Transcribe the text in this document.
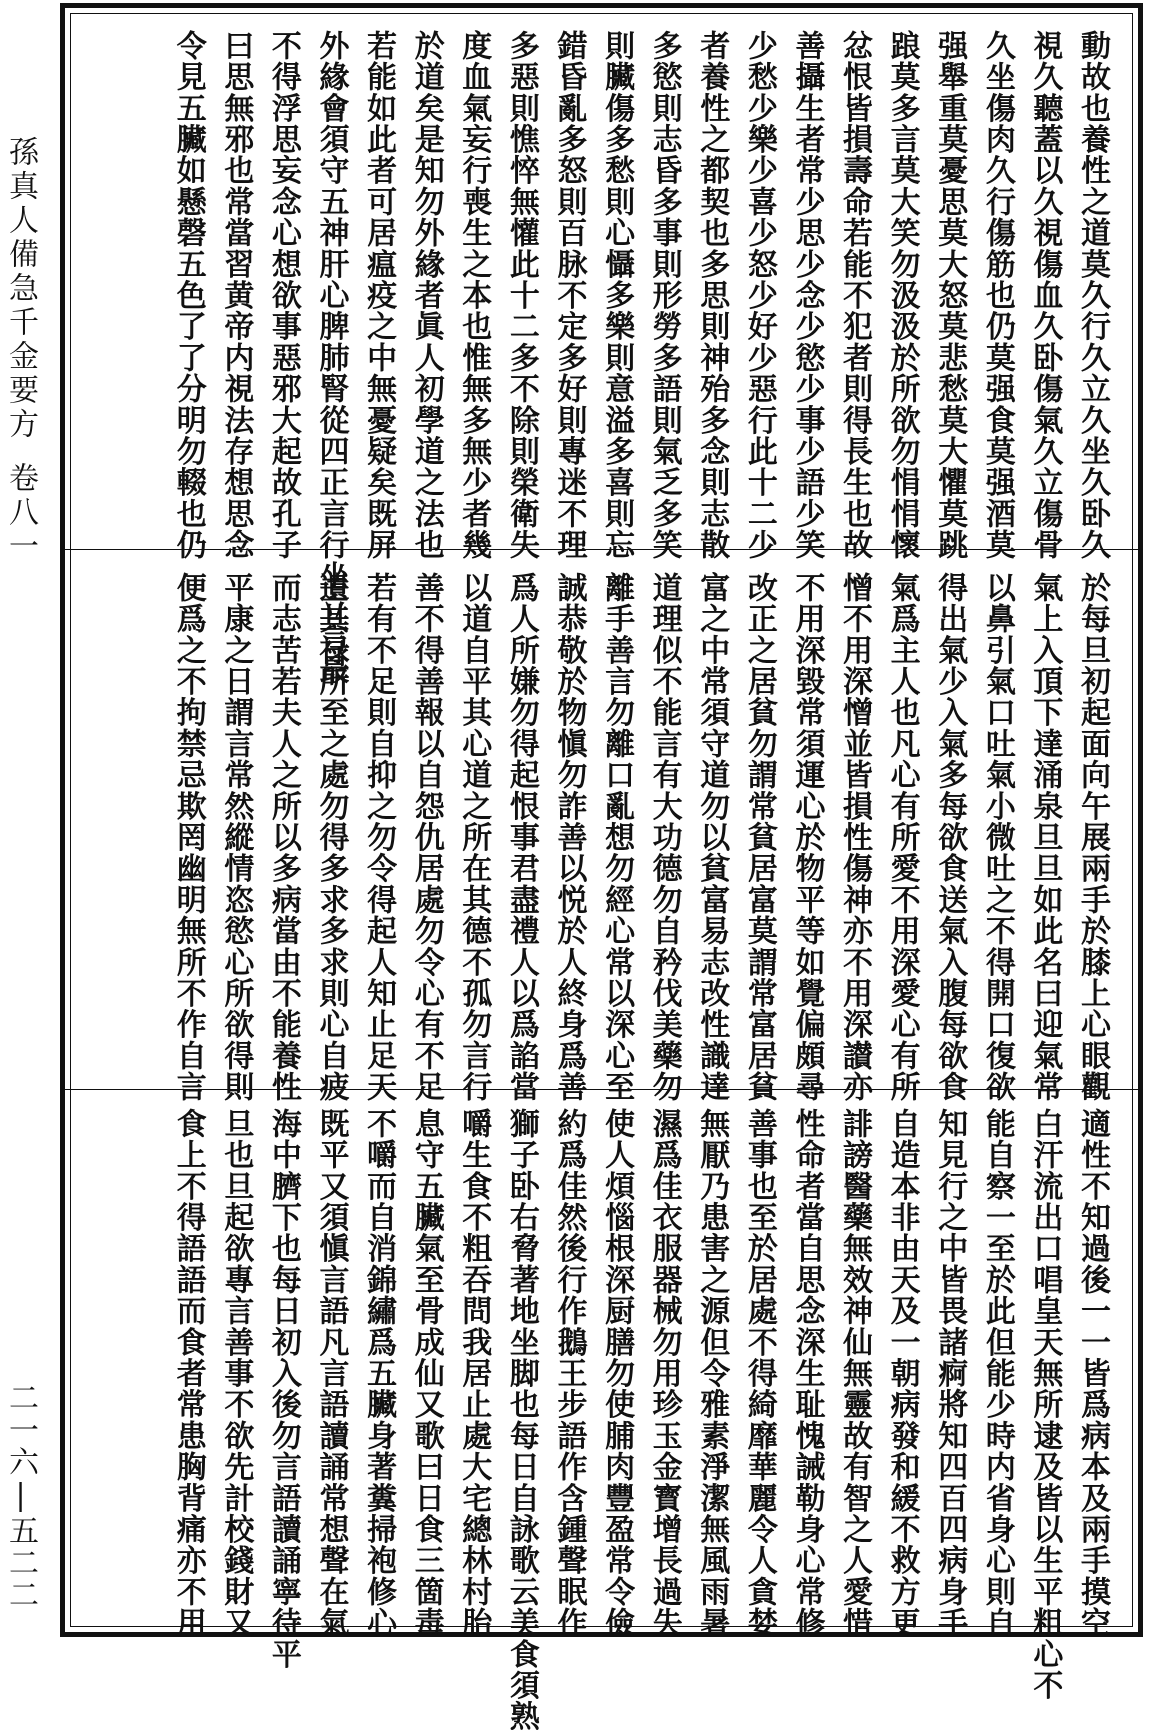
孫真人備急千金要方
卷八一
二一六|五二二
動故也養性之道莫久行久立久坐久卧久
視久聽蓋以久視傷血久卧傷氣久立傷骨
久坐傷肉久行傷筋也仍莫强食莫强酒莫
强舉重莫憂思莫大怒莫悲愁莫大懼莫跳
踉莫多言莫大笑勿汲汲於所欲勿悁悁懷
忿恨皆損壽命若能不犯者則得長生也故
善攝生者常少思少念少慾少事少語少笑
少愁少樂少喜少怒少好少惡行此十二少
者養性之都契也多思則神殆多念則志散
多慾則志昏多事則形勞多語則氣乏多笑
則臟傷多愁則心懾多樂則意溢多喜則忘
錯昏亂多怒則百脉不定多好則專迷不理
多惡則憔悴無懽此十二多不除則榮衛失
度血氣妄行喪生之本也惟無多無少者幾
於道矣是知勿外緣者眞人初學道之法也
若能如此者可居瘟疫之中無憂疑矣既屏
外緣會須守五神肝心脾肺腎從四正言行坐立言最
不得浮思妄念心想欲事惡邪大起故孔子
曰思無邪也常當習黄帝内視法存想思念
令見五臟如懸磬五色了了分明勿輟也仍
於每旦初起面向午展兩手於膝上心眼觀
氣上入頂下達涌泉旦旦如此名曰迎氣常
以鼻引氣口吐氣小微吐之不得開口復欲
得出氣少入氣多每欲食送氣入腹每欲食
氣爲主人也凡心有所愛不用深愛心有所
憎不用深憎並皆損性傷神亦不用深讃亦
不用深毀常須運心於物平等如覺偏頗尋
改正之居貧勿謂常貧居富莫謂常富居貧
富之中常須守道勿以貧富易志改性識達
道理似不能言有大功德勿自矜伐美藥勿
離手善言勿離口亂想勿經心常以深心至
誠恭敬於物愼勿詐善以悦於人終身爲善
爲人所嫌勿得起恨事君盡禮人以爲諂當
以道自平其心道之所在其德不孤勿言行
善不得善報以自怨仇居處勿令心有不足
若有不足則自抑之勿令得起人知止足天
遺其禄所至之處勿得多求多求則心自疲
而志苦若夫人之所以多病當由不能養性
平康之日謂言常然縱情恣慾心所欲得則
便爲之不拘禁忌欺罔幽明無所不作自言
適性不知過後一一皆爲病本及兩手摸空
白汗流出口唱皇天無所逮及皆以生平粗心不
能自察一至於此但能少時内省身心則自
知見行之中皆畏諸痾將知四百四病身手
自造本非由天及一朝病發和緩不救方更
誹謗醫藥無效神仙無靈故有智之人愛惜
性命者當自思念深生耻愧誡勒身心常修
善事也至於居處不得綺靡華麗令人貪婪
無厭乃患害之源但令雅素淨潔無風雨暑
濕爲佳衣服器械勿用珍玉金寳增長過失
使人煩惱根深厨膳勿使脯肉豐盈常令儉
約爲佳然後行作鵝王步語作含鍾聲眠作
獅子卧右脅著地坐脚也每日自詠歌云美食須熟
嚼生食不粗吞問我居止處大宅總林村胎
息守五臟氣至骨成仙又歌曰日食三箇毒
不嚼而自消錦繡爲五臟身著糞掃袍修心
既平又須愼言語凡言語讀誦常想聲在氣
海中臍下也每日初入後勿言語讀誦寧待平
旦也旦起欲專言善事不欲先計校錢財又
食上不得語語而食者常患胸背痛亦不用
